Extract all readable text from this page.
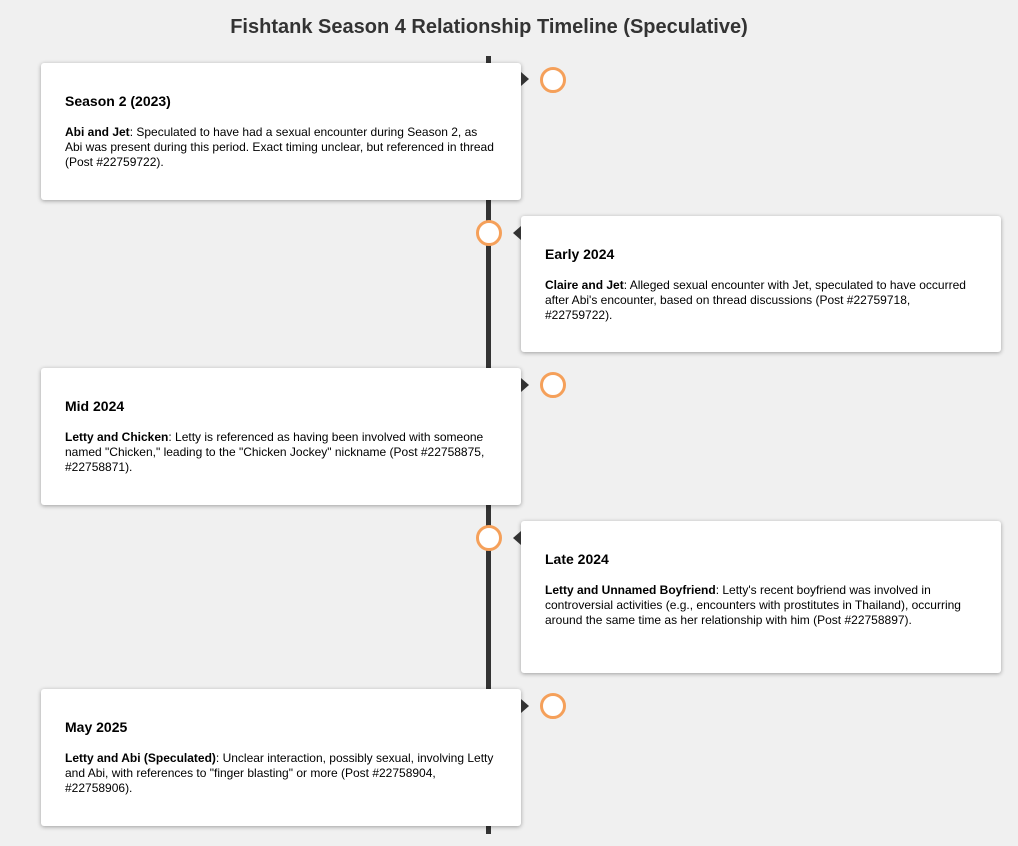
Fishtank Season 4 Relationship Timeline (Speculative)
Season 2 (2023)
Abi and Jet: Speculated to have had a sexual encounter during Season 2, as Abi was present during this period. Exact timing unclear, but referenced in thread (Post #22759722).
Early 2024
Claire and Jet: Alleged sexual encounter with Jet, speculated to have occurred after Abi's encounter, based on thread discussions (Post #22759718, #22759722).
Mid 2024
Letty and Chicken: Letty is referenced as having been involved with someone named "Chicken," leading to the "Chicken Jockey" nickname (Post #22758875, #22758871).
Late 2024
Letty and Unnamed Boyfriend: Letty's recent boyfriend was involved in controversial activities (e.g., encounters with prostitutes in Thailand), occurring around the same time as her relationship with him (Post #22758897).
May 2025
Letty and Abi (Speculated): Unclear interaction, possibly sexual, involving Letty and Abi, with references to "finger blasting" or more (Post #22758904, #22758906).
